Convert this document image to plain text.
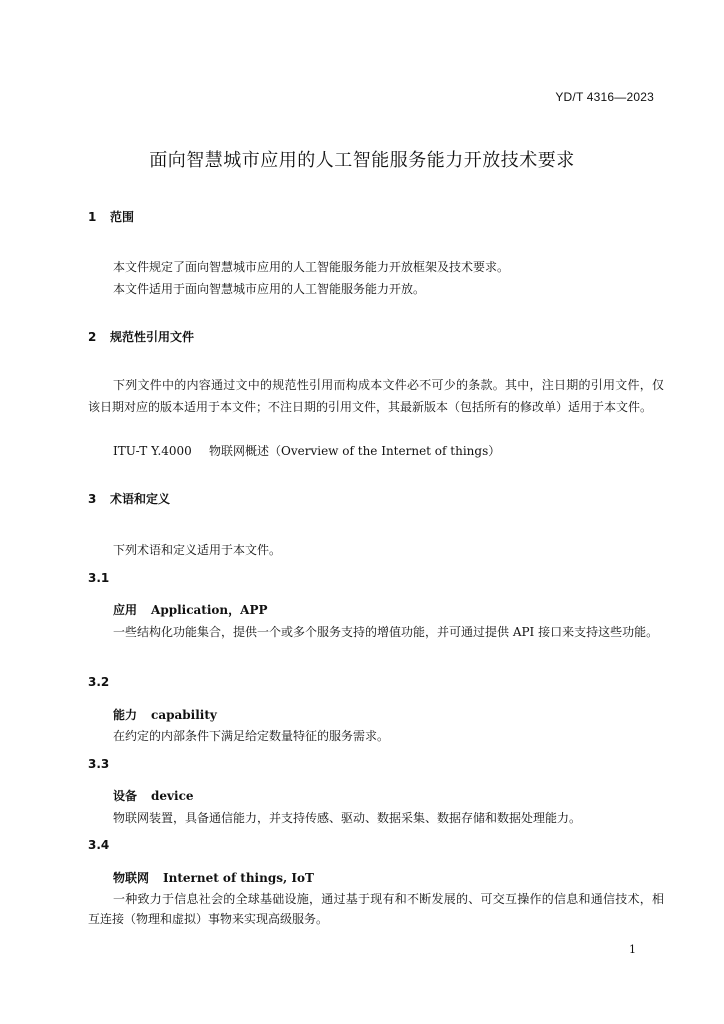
YD/T 4316—2023
面向智慧城市应用的人工智能服务能力开放技术要求
1 范围
本文件规定了面向智慧城市应用的人工智能服务能力开放框架及技术要求。
本文件适用于面向智慧城市应用的人工智能服务能力开放。
2 规范性引用文件
下列文件中的内容通过文中的规范性引用而构成本文件必不可少的条款。其中，注日期的引用文件，仅该日期对应的版本适用于本文件；不注日期的引用文件，其最新版本（包括所有的修改单）适用于本文件。
ITU-T Y.4000 物联网概述（Overview of the Internet of things）
3 术语和定义
下列术语和定义适用于本文件。
3.1
应用 Application，APP
一些结构化功能集合，提供一个或多个服务支持的增值功能，并可通过提供 API 接口来支持这些功能。
3.2
能力 capability
在约定的内部条件下满足给定数量特征的服务需求。
3.3
设备 device
物联网装置，具备通信能力，并支持传感、驱动、数据采集、数据存储和数据处理能力。
3.4
物联网 Internet of things, IoT
一种致力于信息社会的全球基础设施，通过基于现有和不断发展的、可交互操作的信息和通信技术，相互连接（物理和虚拟）事物来实现高级服务。
1
